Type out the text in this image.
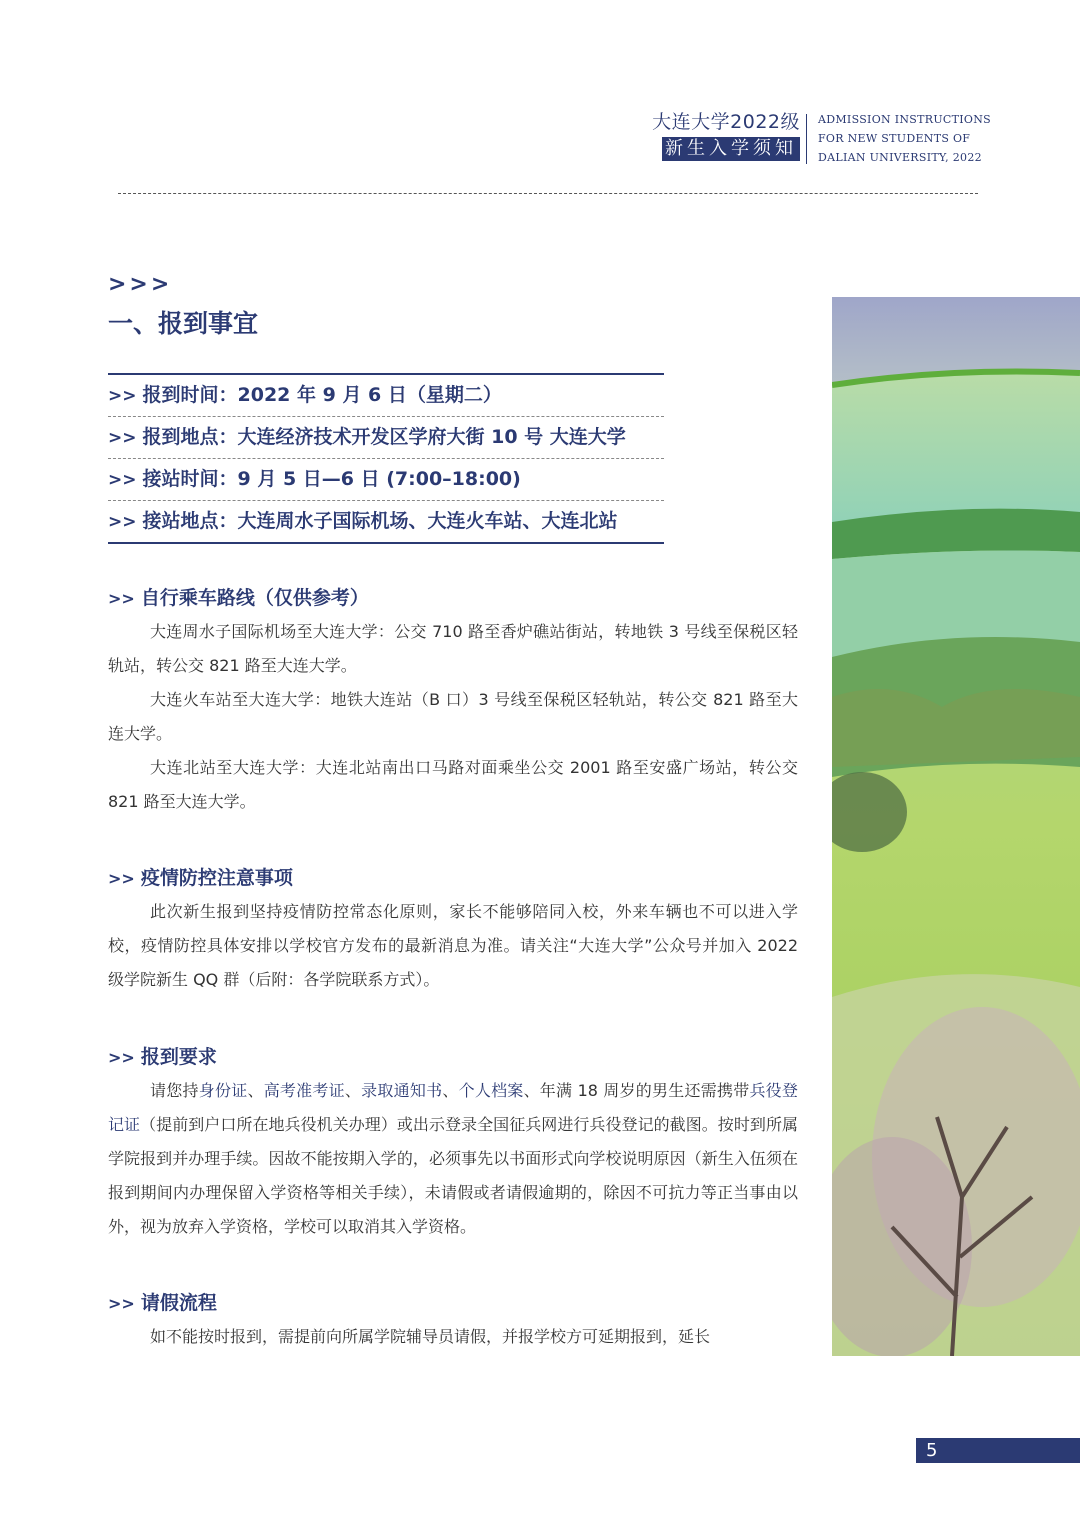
大连大学2022级
新生入学须知
ADMISSION INSTRUCTIONS
FOR NEW STUDENTS OF
DALIAN UNIVERSITY, 2022
>>>
一、报到事宜
>> 报到时间：2022 年 9 月 6 日（星期二）
>> 报到地点：大连经济技术开发区学府大街 10 号 大连大学
>> 接站时间：9 月 5 日—6 日 (7:00–18:00)
>> 接站地点：大连周水子国际机场、大连火车站、大连北站
>> 自行乘车路线（仅供参考）

大连周水子国际机场至大连大学：公交 710 路至香炉礁站街站，转地铁 3 号线至保税区轻轨站，转公交 821 路至大连大学。

大连火车站至大连大学：地铁大连站（B 口）3 号线至保税区轻轨站，转公交 821 路至大连大学。

大连北站至大连大学：大连北站南出口马路对面乘坐公交 2001 路至安盛广场站，转公交 821 路至大连大学。

>> 疫情防控注意事项

此次新生报到坚持疫情防控常态化原则，家长不能够陪同入校，外来车辆也不可以进入学校，疫情防控具体安排以学校官方发布的最新消息为准。请关注“大连大学”公众号并加入 2022 级学院新生 QQ 群（后附：各学院联系方式）。

>> 报到要求

请您持身份证、高考准考证、录取通知书、个人档案、年满 18 周岁的男生还需携带兵役登记证（提前到户口所在地兵役机关办理）或出示登录全国征兵网进行兵役登记的截图。按时到所属学院报到并办理手续。因故不能按期入学的，必须事先以书面形式向学校说明原因（新生入伍须在报到期间内办理保留入学资格等相关手续），未请假或者请假逾期的，除因不可抗力等正当事由以外，视为放弃入学资格，学校可以取消其入学资格。

>> 请假流程

如不能按时报到，需提前向所属学院辅导员请假，并报学校方可延期报到，延长

5
